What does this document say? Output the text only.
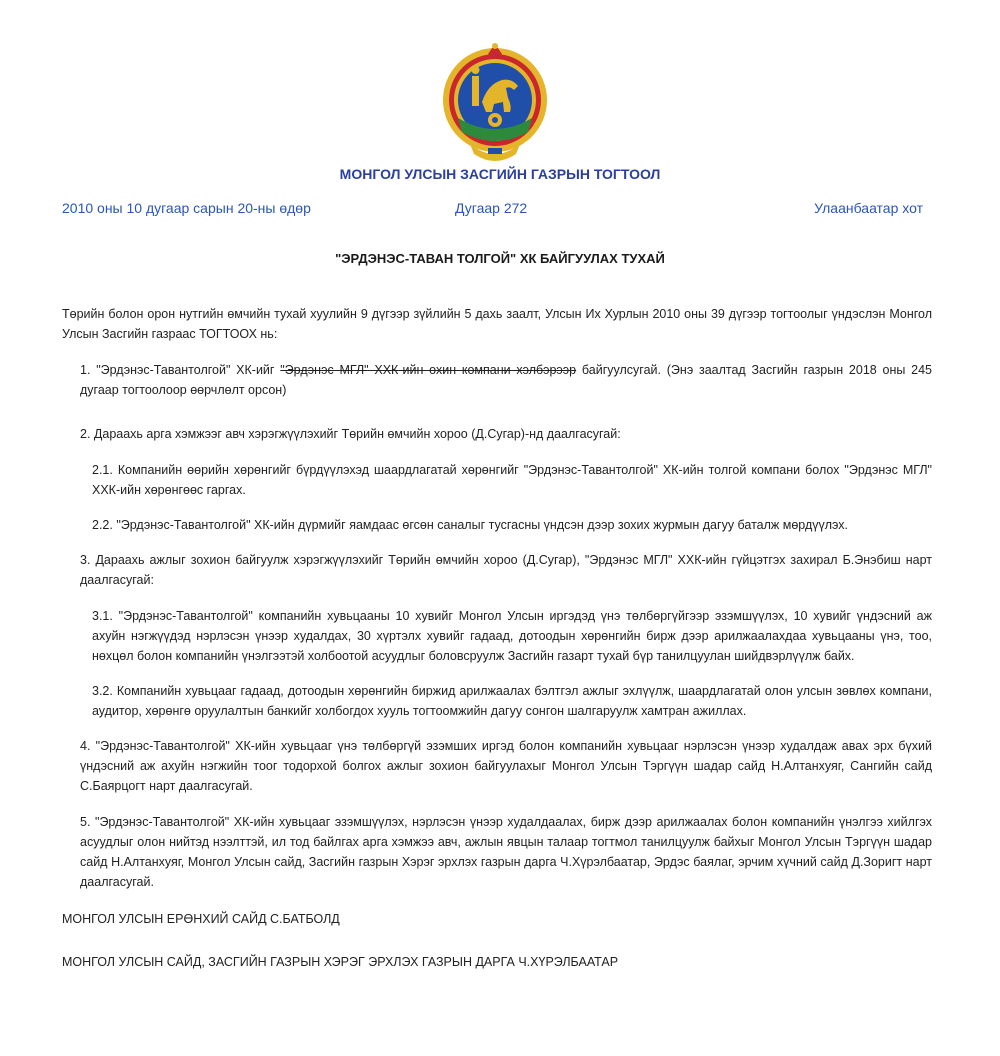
МОНГОЛ УЛСЫН ЗАСГИЙН ГАЗРЫН ТОГТООЛ
2010 оны 10 дугаар сарын 20-ны өдөр	Дугаар 272	Улаанбаатар хот
"ЭРДЭНЭС-ТАВАН ТОЛГОЙ" ХК БАЙГУУЛАХ ТУХАЙ

Төрийн болон орон нутгийн өмчийн тухай хуулийн 9 дүгээр зүйлийн 5 дахь заалт, Улсын Их Хурлын 2010 оны 39 дүгээр тогтоолыг үндэслэн Монгол Улсын Засгийн газраас ТОГТООХ нь:

1. "Эрдэнэс-Тавантолгой" ХК-ийг "Эрдэнэс МГЛ" ХХК-ийн охин компани хэлбэрээр байгуулсугай. (Энэ заалтад Засгийн газрын 2018 оны 245 дугаар тогтоолоор өөрчлөлт орсон)

2. Дараахь арга хэмжээг авч хэрэгжүүлэхийг Төрийн өмчийн хороо (Д.Сугар)-нд даалгасугай:

2.1. Компанийн өөрийн хөрөнгийг бүрдүүлэхэд шаардлагатай хөрөнгийг "Эрдэнэс-Тавантолгой" ХК-ийн толгой компани болох "Эрдэнэс МГЛ" ХХК-ийн хөрөнгөөс гаргах.

2.2. "Эрдэнэс-Тавантолгой" ХК-ийн дүрмийг яамдаас өгсөн саналыг тусгасны үндсэн дээр зохих журмын дагуу баталж мөрдүүлэх.

3. Дараахь ажлыг зохион байгуулж хэрэгжүүлэхийг Төрийн өмчийн хороо (Д.Сугар), "Эрдэнэс МГЛ" ХХК-ийн гүйцэтгэх захирал Б.Энэбиш нарт даалгасугай:

3.1. "Эрдэнэс-Тавантолгой" компанийн хувьцааны 10 хувийг Монгол Улсын иргэдэд үнэ төлбөргүйгээр эзэмшүүлэх, 10 хувийг үндэсний аж ахуйн нэгжүүдэд нэрлэсэн үнээр худалдах, 30 хүртэлх хувийг гадаад, дотоодын хөрөнгийн бирж дээр арилжаалахдаа хувьцааны үнэ, тоо, нөхцөл болон компанийн үнэлгээтэй холбоотой асуудлыг боловсруулж Засгийн газарт тухай бүр танилцуулан шийдвэрлүүлж байх.

3.2. Компанийн хувьцааг гадаад, дотоодын хөрөнгийн биржид арилжаалах бэлтгэл ажлыг эхлүүлж, шаардлагатай олон улсын зөвлөх компани, аудитор, хөрөнгө оруулалтын банкийг холбогдох хууль тогтоомжийн дагуу сонгон шалгаруулж хамтран ажиллах.

4. "Эрдэнэс-Тавантолгой" ХК-ийн хувьцааг үнэ төлбөргүй эзэмших иргэд болон компанийн хувьцааг нэрлэсэн үнээр худалдаж авах эрх бүхий үндэсний аж ахуйн нэгжийн тоог тодорхой болгох ажлыг зохион байгуулахыг Монгол Улсын Тэргүүн шадар сайд Н.Алтанхуяг, Сангийн сайд С.Баярцогт нарт даалгасугай.

5. "Эрдэнэс-Тавантолгой" ХК-ийн хувьцааг эзэмшүүлэх, нэрлэсэн үнээр худалдаалах, бирж дээр арилжаалах болон компанийн үнэлгээ хийлгэх асуудлыг олон нийтэд нээлттэй, ил тод байлгах арга хэмжээ авч, ажлын явцын талаар тогтмол танилцуулж байхыг Монгол Улсын Тэргүүн шадар сайд Н.Алтанхуяг, Монгол Улсын сайд, Засгийн газрын Хэрэг эрхлэх газрын дарга Ч.Хүрэлбаатар, Эрдэс баялаг, эрчим хүчний сайд Д.Зоригт нарт даалгасугай.

МОНГОЛ УЛСЫН ЕРӨНХИЙ САЙД С.БАТБОЛД
МОНГОЛ УЛСЫН САЙД, ЗАСГИЙН ГАЗРЫН ХЭРЭГ ЭРХЛЭХ ГАЗРЫН ДАРГА Ч.ХҮРЭЛБААТАР
